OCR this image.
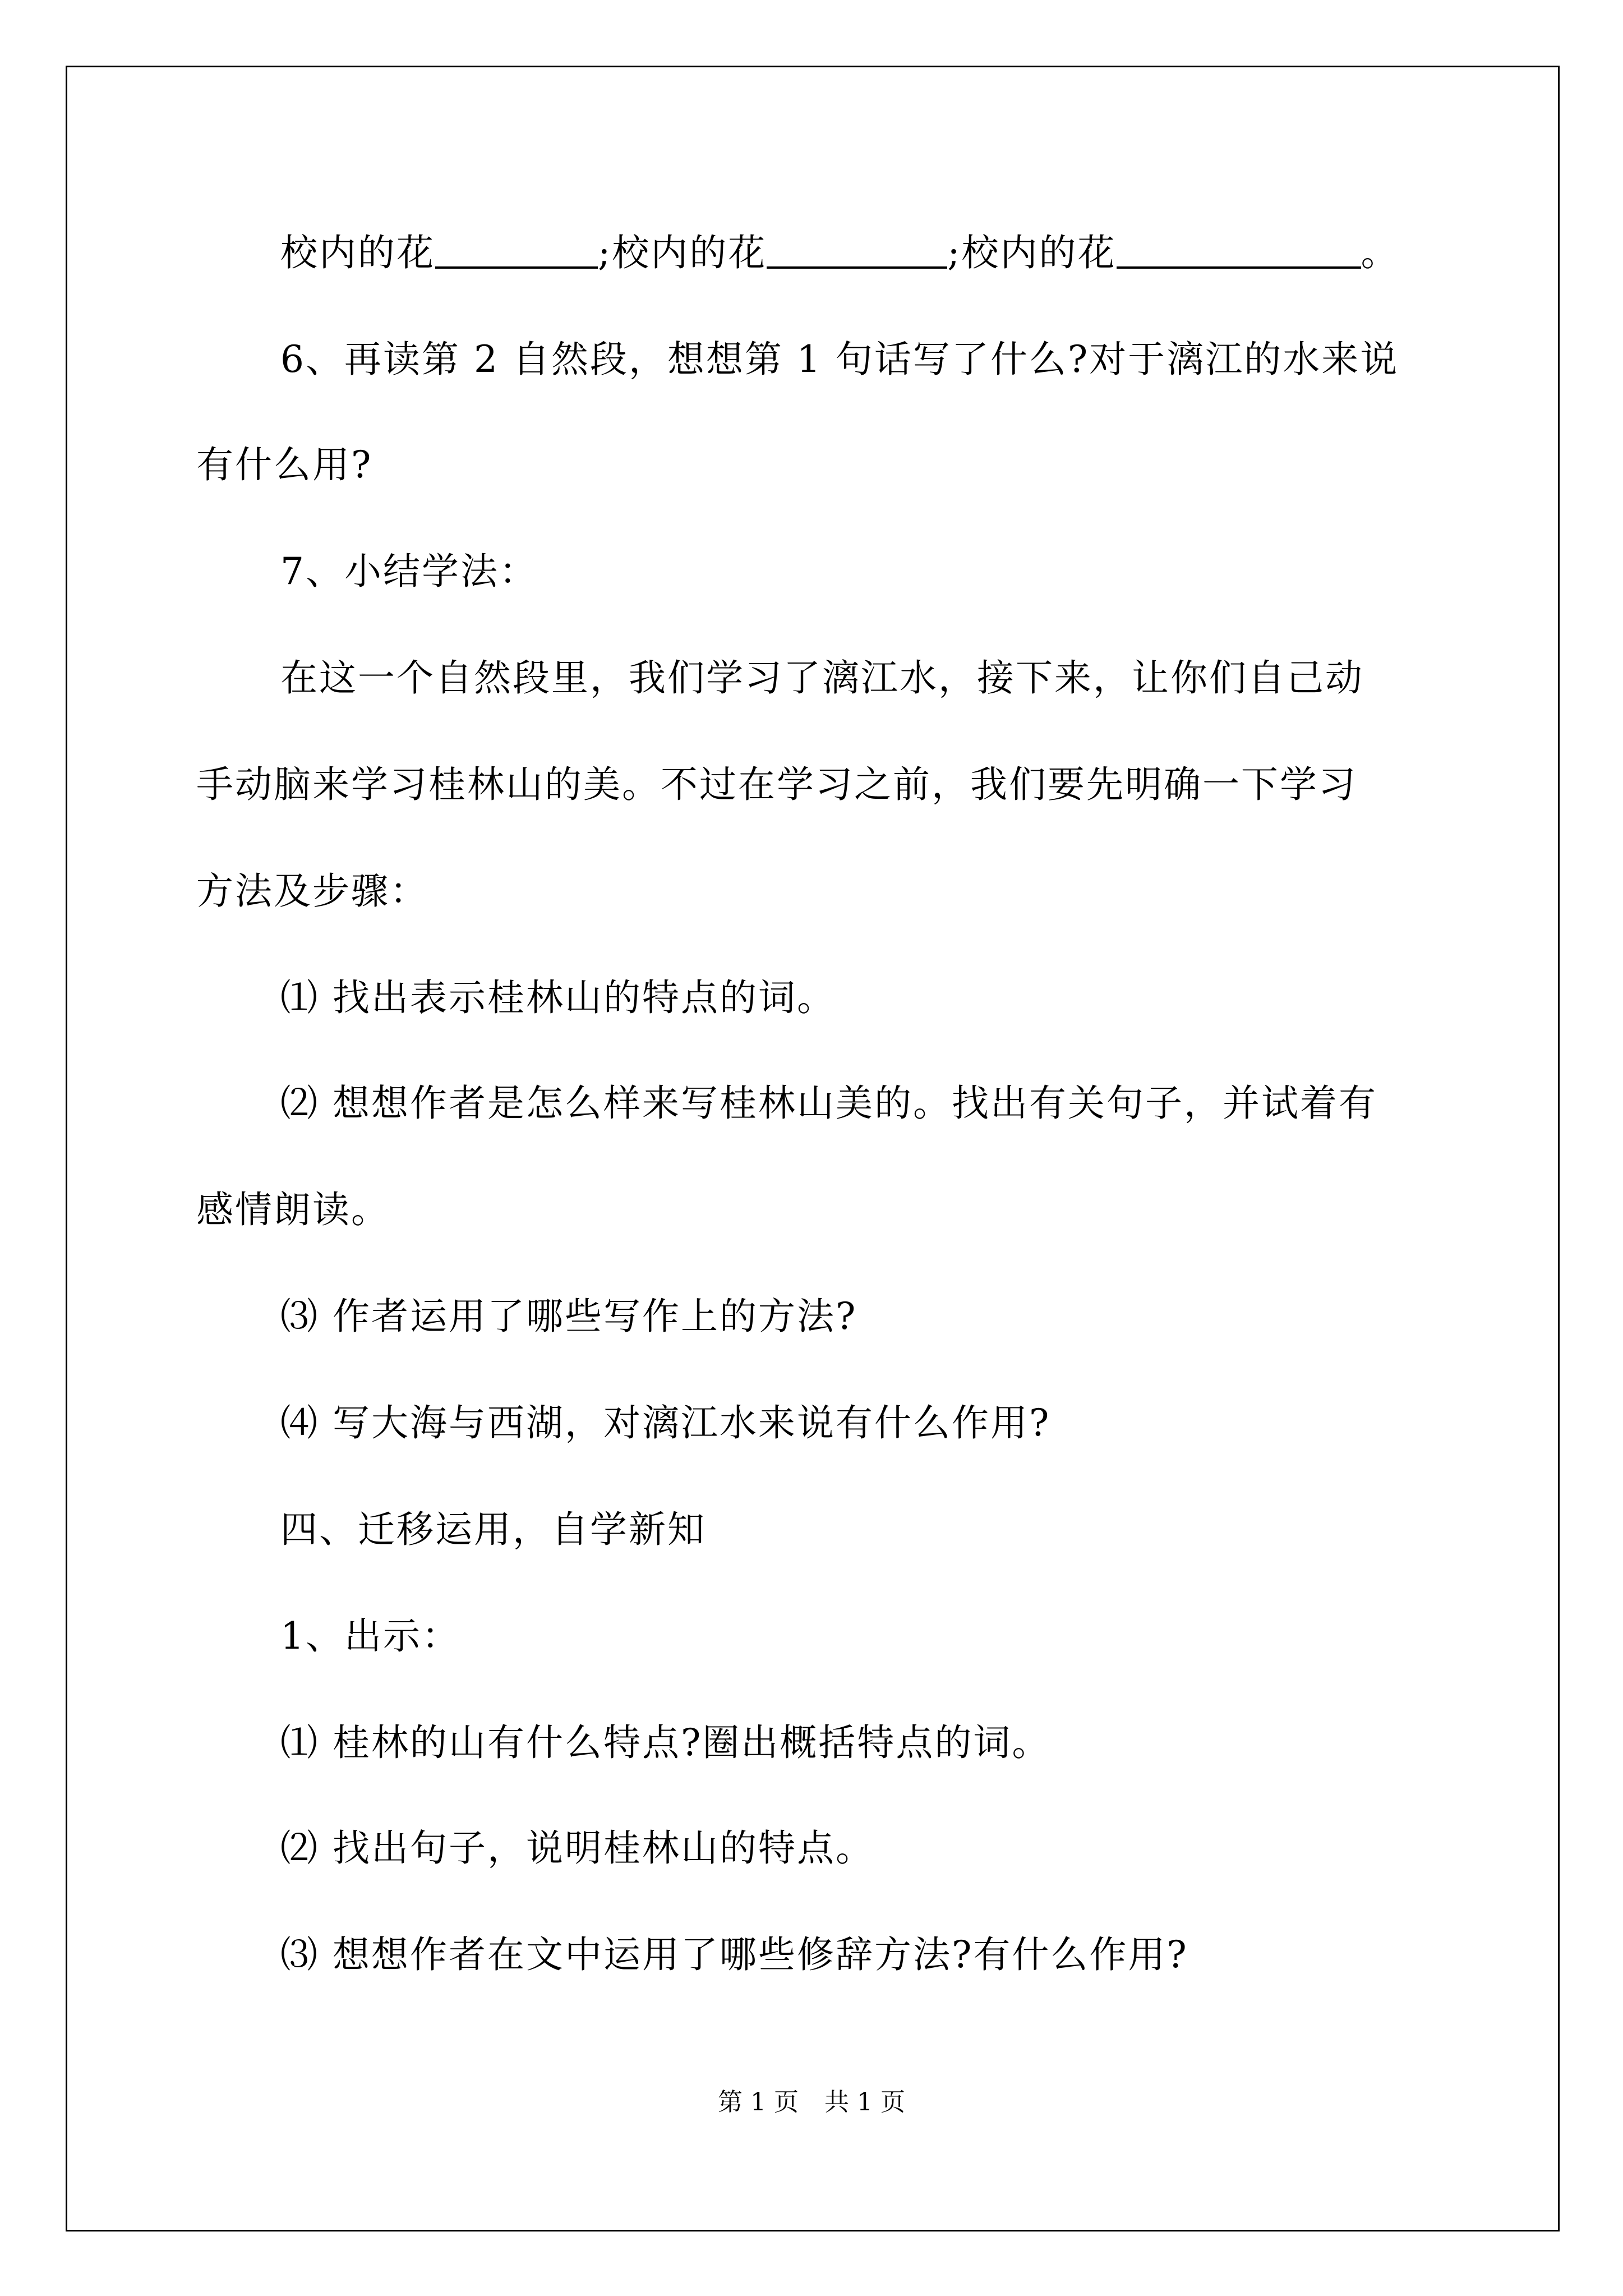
校内的花	;校内的花	;校内的花	。

6、再读第 2 自然段，想想第 1 句话写了什么?对于漓江的水来说

有什么用?

7、小结学法：

在这一个自然段里，我们学习了漓江水，接下来，让你们自己动

手动脑来学习桂林山的美。不过在学习之前，我们要先明确一下学习

方法及步骤：

⑴ 找出表示桂林山的特点的词。

⑵ 想想作者是怎么样来写桂林山美的。找出有关句子，并试着有

感情朗读。

⑶ 作者运用了哪些写作上的方法?

⑷ 写大海与西湖，对漓江水来说有什么作用?

四、迁移运用，自学新知

1、出示：

⑴ 桂林的山有什么特点?圈出概括特点的词。

⑵ 找出句子，说明桂林山的特点。

⑶ 想想作者在文中运用了哪些修辞方法?有什么作用?

第 1 页 共 1 页
